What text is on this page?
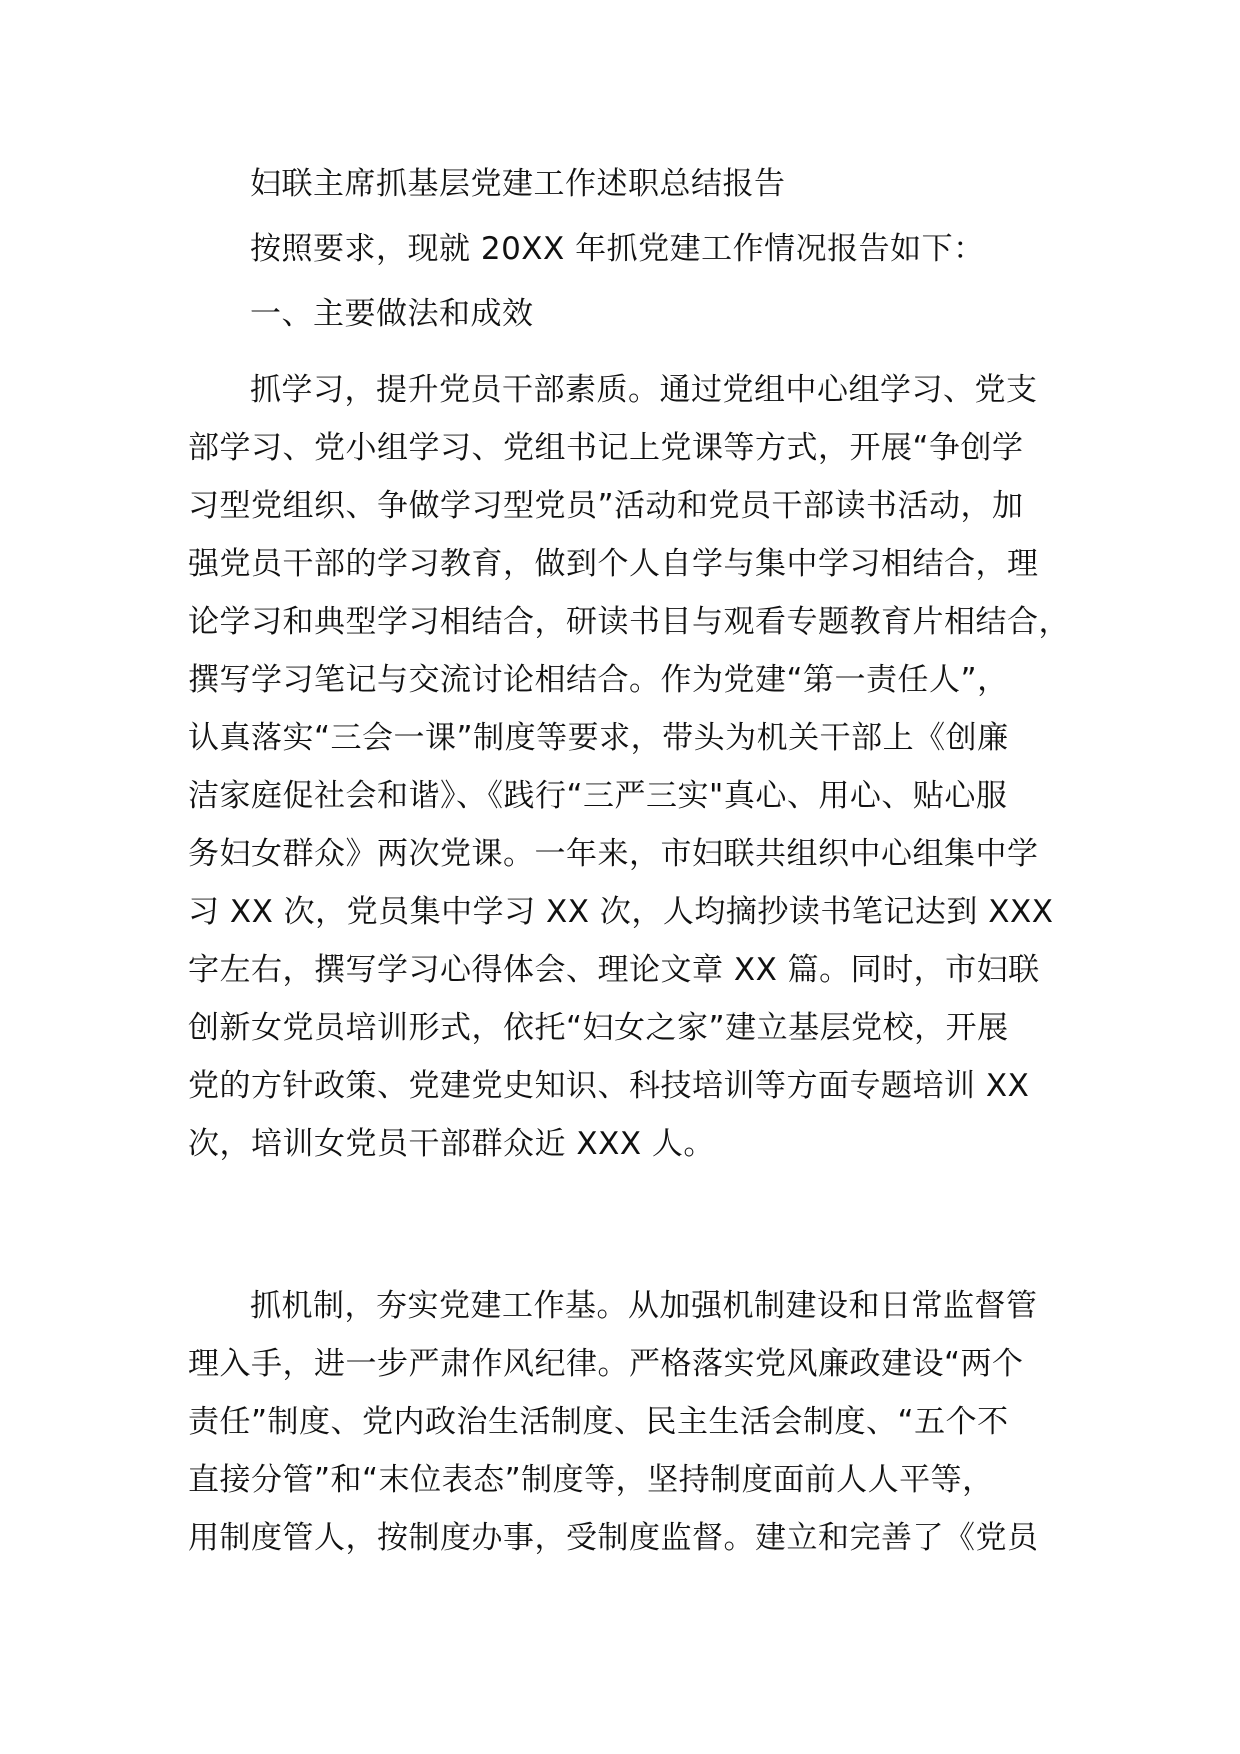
妇联主席抓基层党建工作述职总结报告
按照要求，现就 20XX 年抓党建工作情况报告如下：
一、主要做法和成效
抓学习，提升党员干部素质。通过党组中心组学习、党支
部学习、党小组学习、党组书记上党课等方式，开展“争创学
习型党组织、争做学习型党员”活动和党员干部读书活动，加
强党员干部的学习教育，做到个人自学与集中学习相结合，理
论学习和典型学习相结合，研读书目与观看专题教育片相结合，
撰写学习笔记与交流讨论相结合。作为党建“第一责任人”，
认真落实“三会一课”制度等要求，带头为机关干部上《创廉
洁家庭促社会和谐》、《践行“三严三实"真心、用心、贴心服
务妇女群众》两次党课。一年来，市妇联共组织中心组集中学
习 XX 次，党员集中学习 XX 次，人均摘抄读书笔记达到 XXX
字左右，撰写学习心得体会、理论文章 XX 篇。同时，市妇联
创新女党员培训形式，依托“妇女之家”建立基层党校，开展
党的方针政策、党建党史知识、科技培训等方面专题培训 XX
次，培训女党员干部群众近 XXX 人。
抓机制，夯实党建工作基。从加强机制建设和日常监督管
理入手，进一步严肃作风纪律。严格落实党风廉政建设“两个
责任”制度、党内政治生活制度、民主生活会制度、“五个不
直接分管”和“末位表态”制度等，坚持制度面前人人平等，
用制度管人，按制度办事，受制度监督。建立和完善了《党员
